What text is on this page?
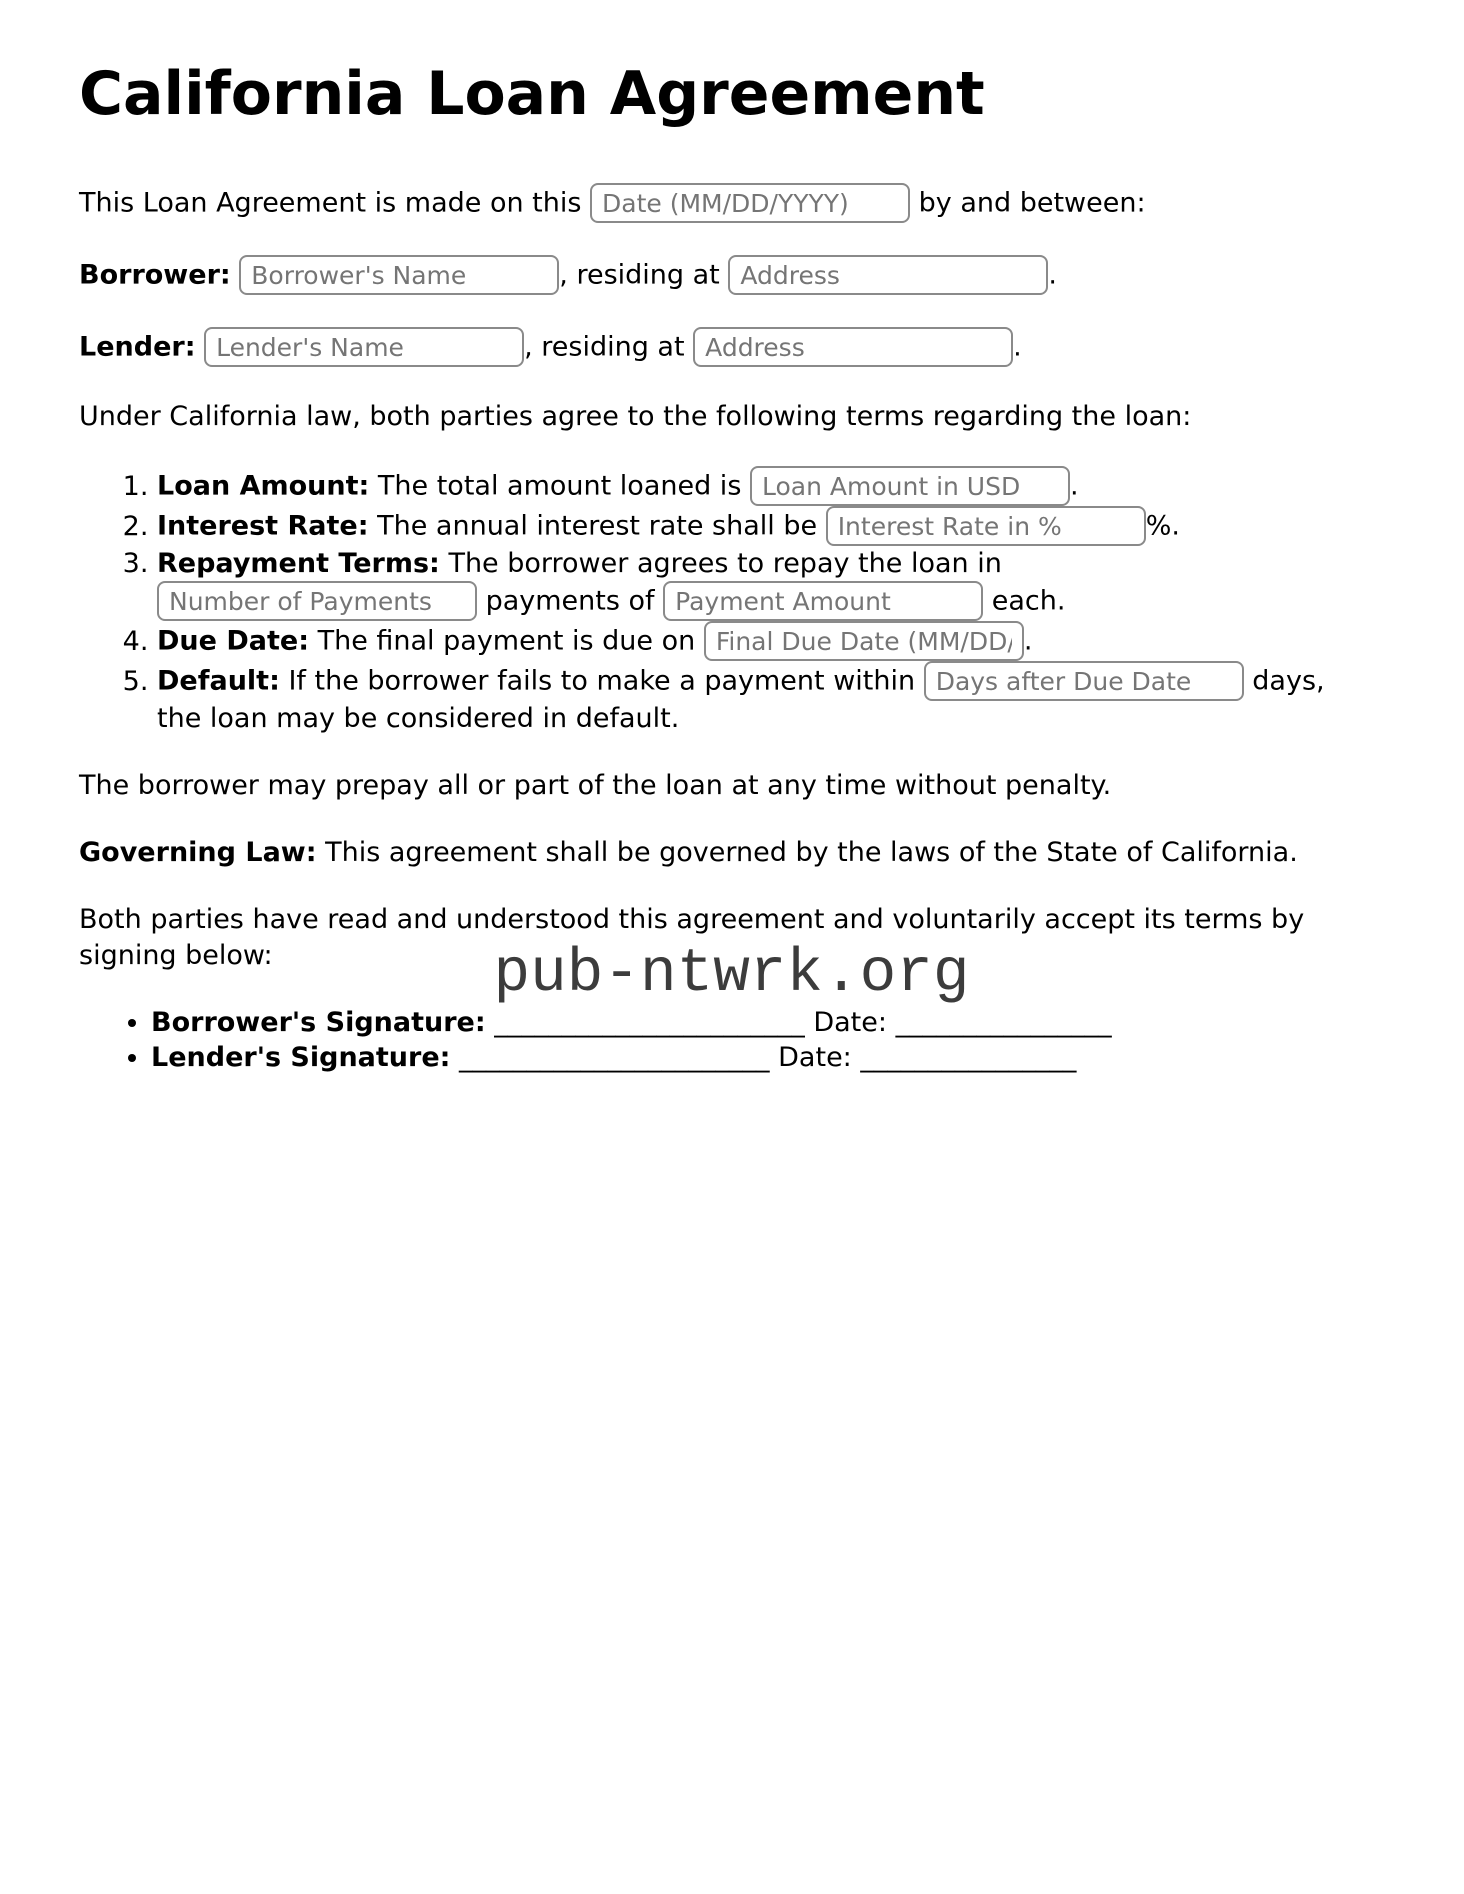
California Loan Agreement

This Loan Agreement is made on this Date (MM/DD/YYYY)	by and between:

Borrower: Borrower's Name	, residing at Address	.

Lender: Lender's Name	, residing at Address	.

Under California law, both parties agree to the following terms regarding the loan:

1. Loan Amount: The total amount loaned is Loan Amount in USD	.
2. Interest Rate: The annual interest rate shall be Interest Rate in %	%.
3. Repayment Terms: The borrower agrees to repay the loan in
Number of Payments payments of Payment Amount	each.
4. Due Date: The final payment is due on Final Due Date (MM/DD/YYYY)	.
5. Default: If the borrower fails to make a payment within Days after Due Date	days,
the loan may be considered in default.

The borrower may prepay all or part of the loan at any time without penalty.

Governing Law: This agreement shall be governed by the laws of the State of California.

Both parties have read and understood this agreement and voluntarily accept its terms by
signing below:	pub-ntwrk.org
• Borrower's Signature: _______________________ Date: ________________
• Lender's Signature: _______________________ Date: ________________
